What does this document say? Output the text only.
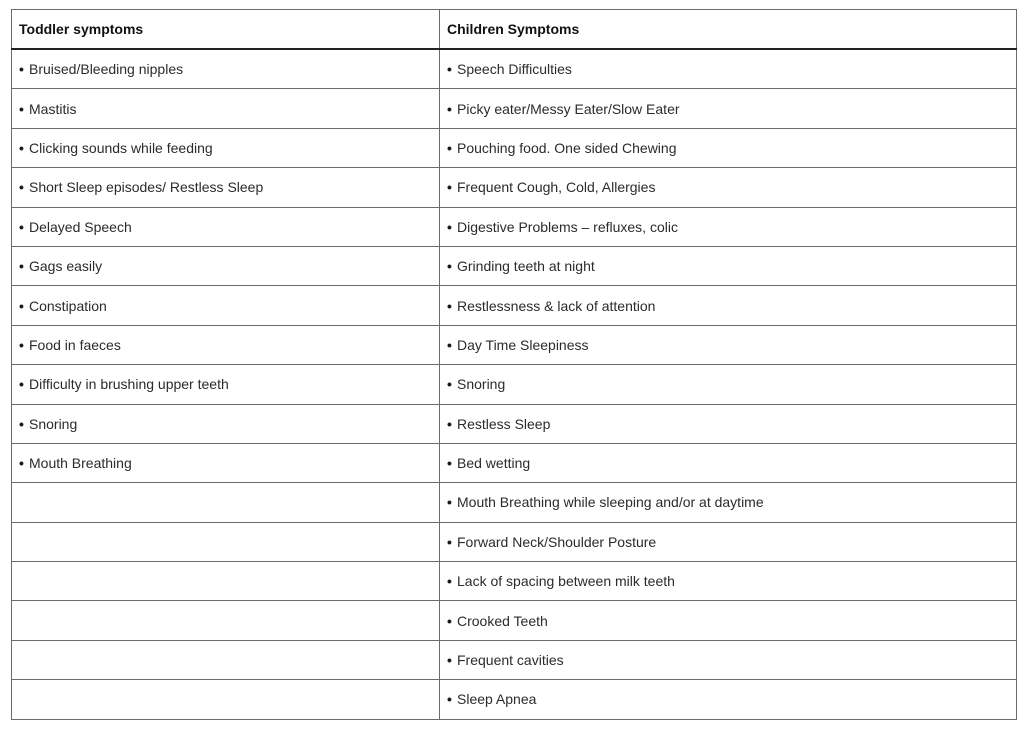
Toddler symptoms	Children Symptoms
• Bruised/Bleeding nipples	• Speech Difficulties
• Mastitis	• Picky eater/Messy Eater/Slow Eater
• Clicking sounds while feeding	• Pouching food. One sided Chewing
• Short Sleep episodes/ Restless Sleep	• Frequent Cough, Cold, Allergies
• Delayed Speech	• Digestive Problems – refluxes, colic
• Gags easily	• Grinding teeth at night
• Constipation	• Restlessness & lack of attention
• Food in faeces	• Day Time Sleepiness
• Difficulty in brushing upper teeth	• Snoring
• Snoring	• Restless Sleep
• Mouth Breathing	• Bed wetting
	• Mouth Breathing while sleeping and/or at daytime
	• Forward Neck/Shoulder Posture
	• Lack of spacing between milk teeth
	• Crooked Teeth
	• Frequent cavities
	• Sleep Apnea
